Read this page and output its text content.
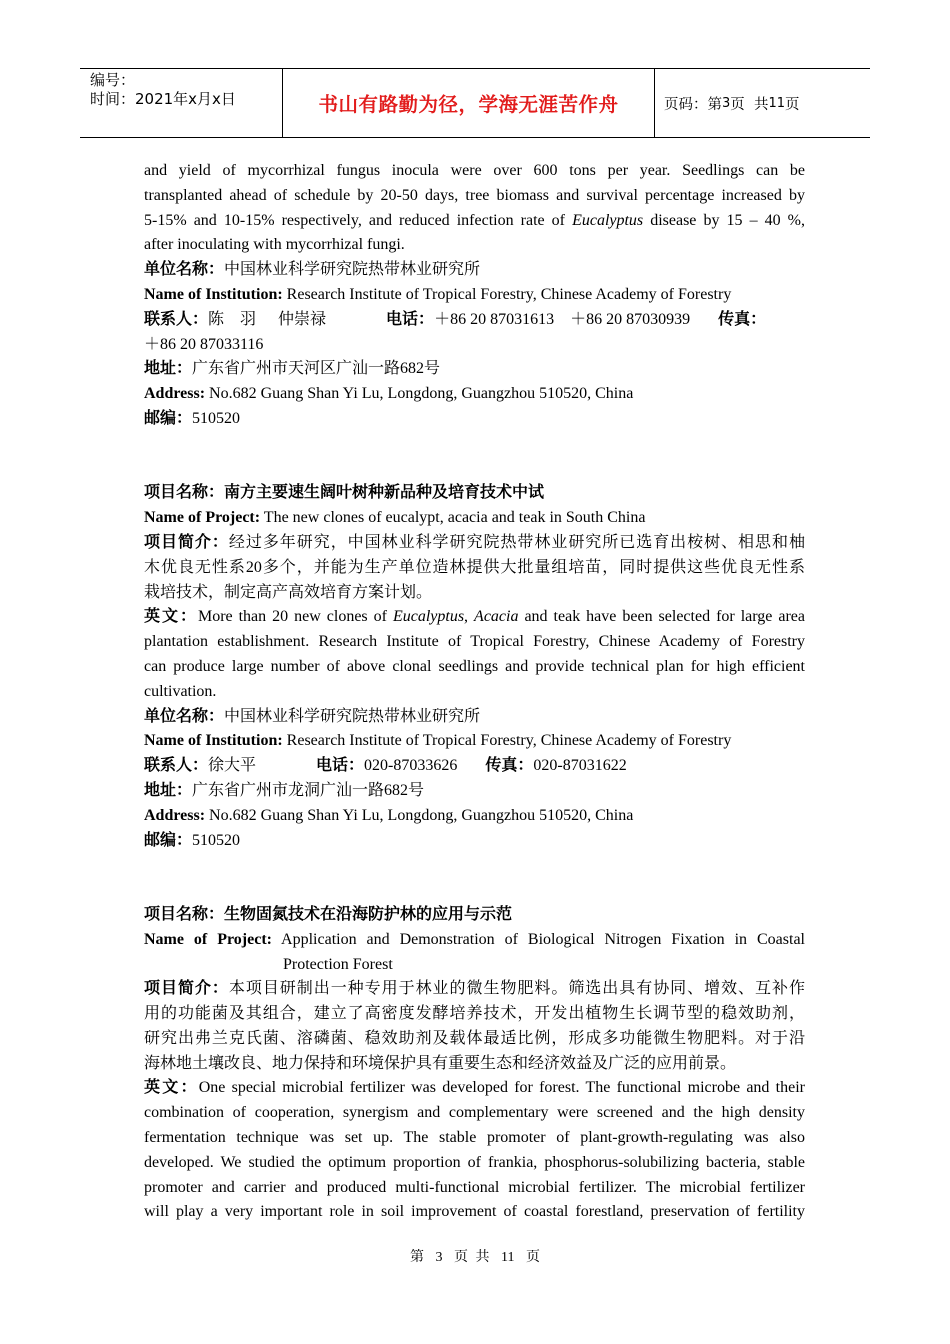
编号：
时间：2021年x月x日	书山有路勤为径，学海无涯苦作舟	页码：第 3 页  共 11 页
and yield of mycorrhizal fungus inocula were over 600 tons per year. Seedlings can be
transplanted ahead of schedule by 20-50 days, tree biomass and survival percentage increased by
5-15% and 10-15% respectively, and reduced infection rate of Eucalyptus disease by 15 – 40 %,
after inoculating with mycorrhizal fungi.
单位名称：中国林业科学研究院热带林业研究所
Name of Institution: Research Institute of Tropical Forestry, Chinese Academy of Forestry
联系人：陈　羽 仲崇禄	电话：＋86 20 87031613　＋86 20 87030939 传真：
＋86 20 87033116
地址：广东省广州市天河区广汕一路682号
Address: No.682 Guang Shan Yi Lu, Longdong, Guangzhou 510520, China
邮编：510520
项目名称：南方主要速生阔叶树种新品种及培育技术中试
Name of Project: The new clones of eucalypt, acacia and teak in South China
项目简介：经过多年研究，中国林业科学研究院热带林业研究所已选育出桉树、相思和柚
木优良无性系20多个，并能为生产单位造林提供大批量组培苗，同时提供这些优良无性系
栽培技术，制定高产高效培育方案计划。
英文：More than 20 new clones of Eucalyptus, Acacia and teak have been selected for large area
plantation establishment. Research Institute of Tropical Forestry, Chinese Academy of Forestry
can produce large number of above clonal seedlings and provide technical plan for high efficient
cultivation.
单位名称：中国林业科学研究院热带林业研究所
Name of Institution: Research Institute of Tropical Forestry, Chinese Academy of Forestry
联系人：徐大平	电话：020-87033626 传真：020-87031622
地址：广东省广州市龙洞广汕一路682号
Address: No.682 Guang Shan Yi Lu, Longdong, Guangzhou 510520, China
邮编：510520
项目名称：生物固氮技术在沿海防护林的应用与示范
Name of Project: Application and Demonstration of Biological Nitrogen Fixation in Coastal
Protection Forest
项目简介：本项目研制出一种专用于林业的微生物肥料。筛选出具有协同、增效、互补作
用的功能菌及其组合，建立了高密度发酵培养技术，开发出植物生长调节型的稳效助剂，
研究出弗兰克氏菌、溶磷菌、稳效助剂及载体最适比例，形成多功能微生物肥料。对于沿
海林地土壤改良、地力保持和环境保护具有重要生态和经济效益及广泛的应用前景。
英文：One special microbial fertilizer was developed for forest. The functional microbe and their
combination of cooperation, synergism and complementary were screened and the high density
fermentation technique was set up. The stable promoter of plant-growth-regulating was also
developed. We studied the optimum proportion of frankia, phosphorus-solubilizing bacteria, stable
promoter and carrier and produced multi-functional microbial fertilizer. The microbial fertilizer
will play a very important role in soil improvement of coastal forestland, preservation of fertility
第 3 页 共 11 页
